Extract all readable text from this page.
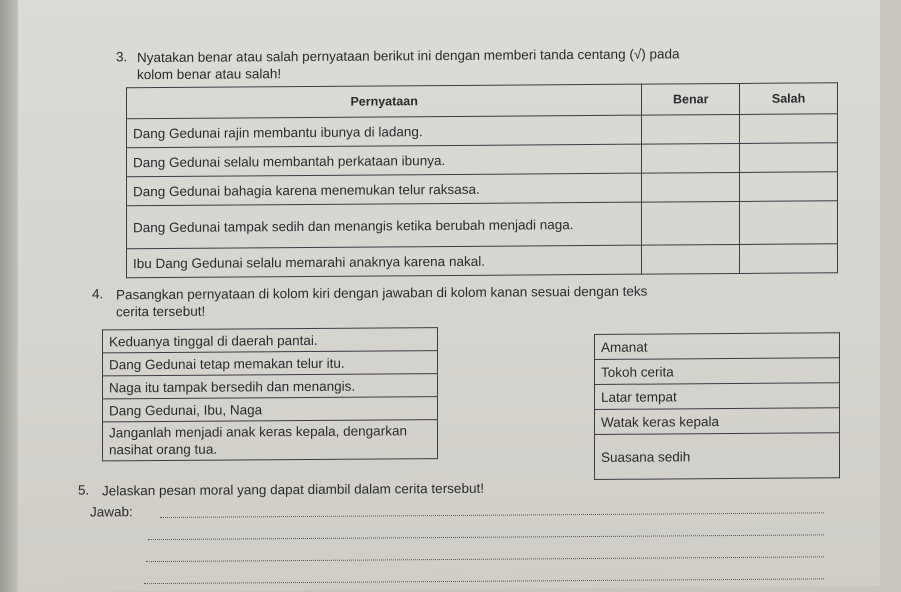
3. Nyatakan benar atau salah pernyataan berikut ini dengan memberi tanda centang (√) pada
kolom benar atau salah!
Pernyataan	Benar	Salah
Dang Gedunai rajin membantu ibunya di ladang.		
Dang Gedunai selalu membantah perkataan ibunya.		
Dang Gedunai bahagia karena menemukan telur raksasa.		
Dang Gedunai tampak sedih dan menangis ketika berubah menjadi naga.		
Ibu Dang Gedunai selalu memarahi anaknya karena nakal.		
4. Pasangkan pernyataan di kolom kiri dengan jawaban di kolom kanan sesuai dengan teks
cerita tersebut!
Keduanya tinggal di daerah pantai.
Dang Gedunai tetap memakan telur itu.
Naga itu tampak bersedih dan menangis.
Dang Gedunai, Ibu, Naga
Janganlah menjadi anak keras kepala, dengarkan nasihat orang tua.
Amanat
Tokoh cerita
Latar tempat
Watak keras kepala
Suasana sedih
5. Jelaskan pesan moral yang dapat diambil dalam cerita tersebut!
Jawab:
